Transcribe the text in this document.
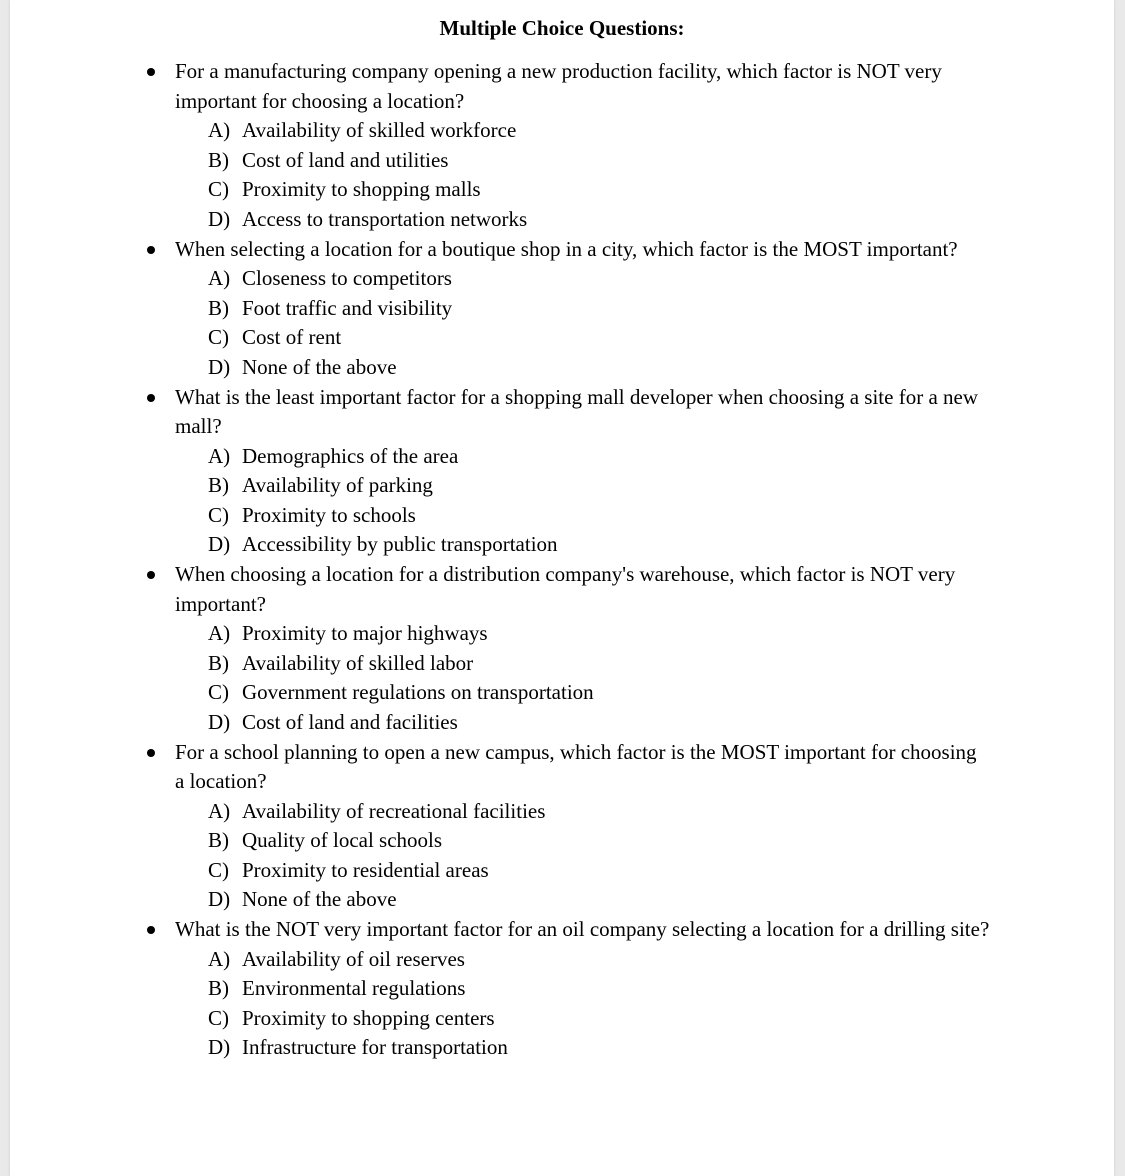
Multiple Choice Questions:
For a manufacturing company opening a new production facility, which factor is NOT very important for choosing a location?
A) Availability of skilled workforce
B) Cost of land and utilities
C) Proximity to shopping malls
D) Access to transportation networks
When selecting a location for a boutique shop in a city, which factor is the MOST important?
A) Closeness to competitors
B) Foot traffic and visibility
C) Cost of rent
D) None of the above
What is the least important factor for a shopping mall developer when choosing a site for a new mall?
A) Demographics of the area
B) Availability of parking
C) Proximity to schools
D) Accessibility by public transportation
When choosing a location for a distribution company's warehouse, which factor is NOT very important?
A) Proximity to major highways
B) Availability of skilled labor
C) Government regulations on transportation
D) Cost of land and facilities
For a school planning to open a new campus, which factor is the MOST important for choosing a location?
A) Availability of recreational facilities
B) Quality of local schools
C) Proximity to residential areas
D) None of the above
What is the NOT very important factor for an oil company selecting a location for a drilling site?
A) Availability of oil reserves
B) Environmental regulations
C) Proximity to shopping centers
D) Infrastructure for transportation
